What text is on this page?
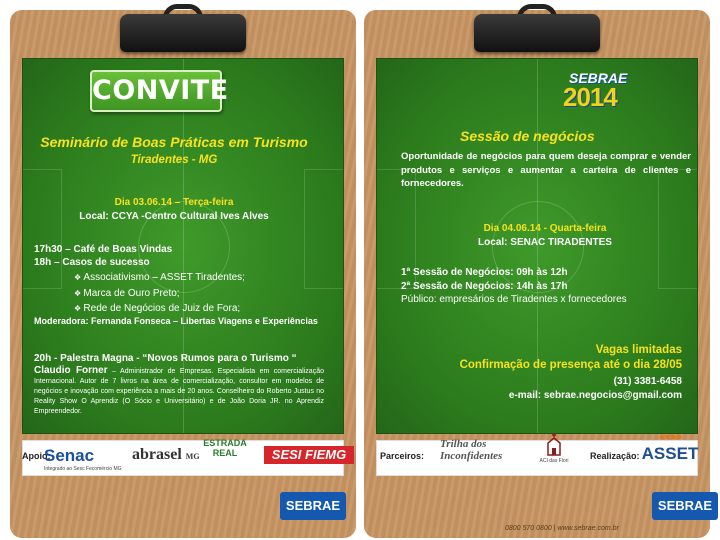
CONVITE
Seminário de Boas Práticas em Turismo
Tiradentes - MG
Dia 03.06.14 – Terça-feira
Local: CCYA -Centro Cultural Ives Alves
17h30 – Café de Boas Vindas
18h – Casos de sucesso
❖ Associativismo – ASSET Tiradentes;
❖ Marca de Ouro Preto;
❖ Rede de Negócios de Juiz de Fora;
Moderadora: Fernanda Fonseca – Libertas Viagens e Experiências
20h - Palestra Magna - “Novos Rumos para o Turismo “
Claudio Forner – Administrador de Empresas. Especialista em comercialização Internacional. Autor de 7 livros na área de comercialização, consultor em modelos de negócios e inovação com experiência a mais de 20 anos. Conselheiro do Roberto Justus no Reality Show O Aprendiz (O Sócio e Universitário) e de João Doria JR. no Aprendiz Empreendedor.
Apoio:
Senac
Integrado ao Sesc Fecomércio MG
abrasel MG
ESTRADA REAL	SESI FIEMG
SEBRAE
SEBRAE
2014
Sessão de negócios
Oportunidade de negócios para quem deseja comprar e vender produtos e serviços e aumentar a carteira de clientes e fornecedores.
Dia 04.06.14 - Quarta-feira
Local: SENAC TIRADENTES
1ª Sessão de Negócios: 09h às 12h
2ª Sessão de Negócios: 14h às 17h
Público: empresários de Tiradentes x fornecedores
Vagas limitadas
Confirmação de presença até o dia 28/05
(31) 3381-6458
e-mail: sebrae.negocios@gmail.com
Parceiros:
Trilha dos Inconfidentes	ACI das Flori	Realização:
●●●●
ASSET
SEBRAE
0800 570 0800 | www.sebrae.com.br
